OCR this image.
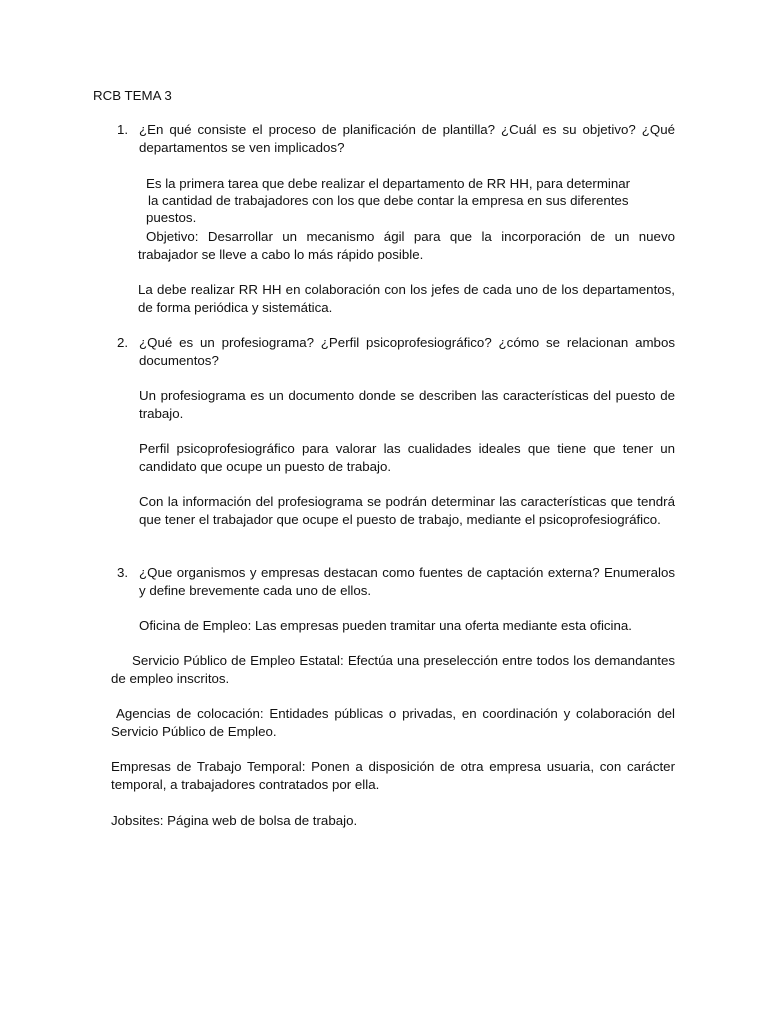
RCB TEMA 3

1. ¿En qué consiste el proceso de planificación de plantilla? ¿Cuál es su objetivo? ¿Qué departamentos se ven implicados?

Es la primera tarea que debe realizar el departamento de RR HH, para determinar

la cantidad de trabajadores con los que debe contar la empresa en sus diferentes

puestos.

Objetivo: Desarrollar un mecanismo ágil para que la incorporación de un nuevo trabajador se lleve a cabo lo más rápido posible.

La debe realizar RR HH en colaboración con los jefes de cada uno de los departamentos, de forma periódica y sistemática.

2. ¿Qué es un profesiograma? ¿Perfil psicoprofesiográfico? ¿cómo se relacionan ambos documentos?

Un profesiograma es un documento donde se describen las características del puesto de trabajo.

Perfil psicoprofesiográfico para valorar las cualidades ideales que tiene que tener un candidato que ocupe un puesto de trabajo.

Con la información del profesiograma se podrán determinar las características que tendrá que tener el trabajador que ocupe el puesto de trabajo, mediante el psicoprofesiográfico.

3. ¿Que organismos y empresas destacan como fuentes de captación externa? Enumeralos y define brevemente cada uno de ellos.

Oficina de Empleo: Las empresas pueden tramitar una oferta mediante esta oficina.

Servicio Público de Empleo Estatal: Efectúa una preselección entre todos los demandantes de empleo inscritos.

Agencias de colocación: Entidades públicas o privadas, en coordinación y colaboración del Servicio Público de Empleo.

Empresas de Trabajo Temporal: Ponen a disposición de otra empresa usuaria, con carácter temporal, a trabajadores contratados por ella.

Jobsites: Página web de bolsa de trabajo.
